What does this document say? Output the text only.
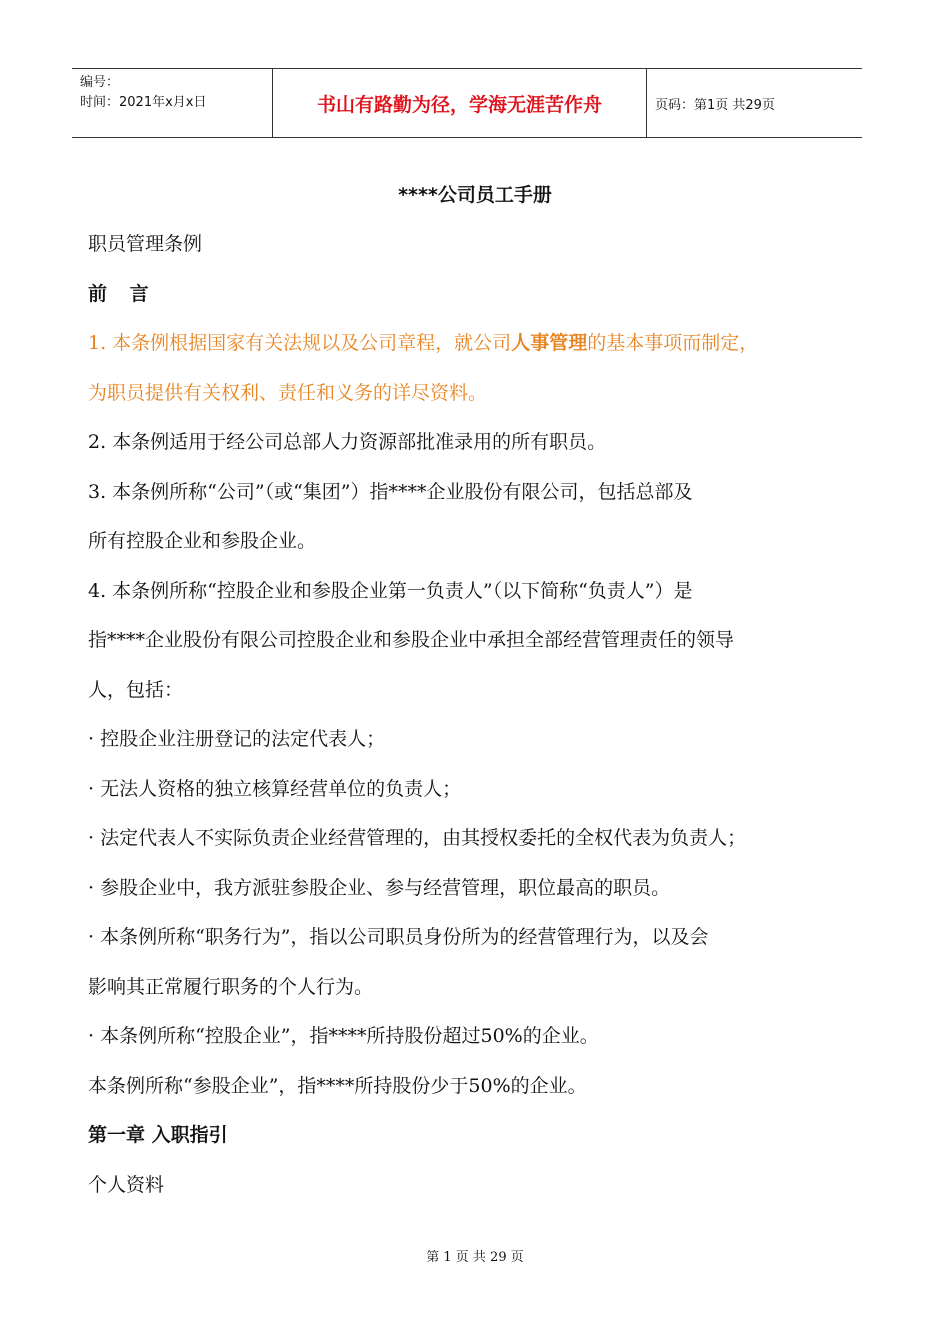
编号：
时间：2021年x月x日	书山有路勤为径，学海无涯苦作舟	页码：第1页 共29页
****公司员工手册
职员管理条例
前 言
1. 本条例根据国家有关法规以及公司章程，就公司人事管理的基本事项而制定，
为职员提供有关权利、责任和义务的详尽资料。
2. 本条例适用于经公司总部人力资源部批准录用的所有职员。
3. 本条例所称“公司”（或“集团”）指****企业股份有限公司，包括总部及
所有控股企业和参股企业。
4. 本条例所称“控股企业和参股企业第一负责人”（以下简称“负责人”）是
指****企业股份有限公司控股企业和参股企业中承担全部经营管理责任的领导
人，包括：
· 控股企业注册登记的法定代表人；
· 无法人资格的独立核算经营单位的负责人；
· 法定代表人不实际负责企业经营管理的，由其授权委托的全权代表为负责人；
· 参股企业中，我方派驻参股企业、参与经营管理，职位最高的职员。
· 本条例所称“职务行为”，指以公司职员身份所为的经营管理行为，以及会
影响其正常履行职务的个人行为。
· 本条例所称“控股企业”，指****所持股份超过50%的企业。
本条例所称“参股企业”，指****所持股份少于50%的企业。
第一章 入职指引
个人资料
第 1 页 共 29 页
